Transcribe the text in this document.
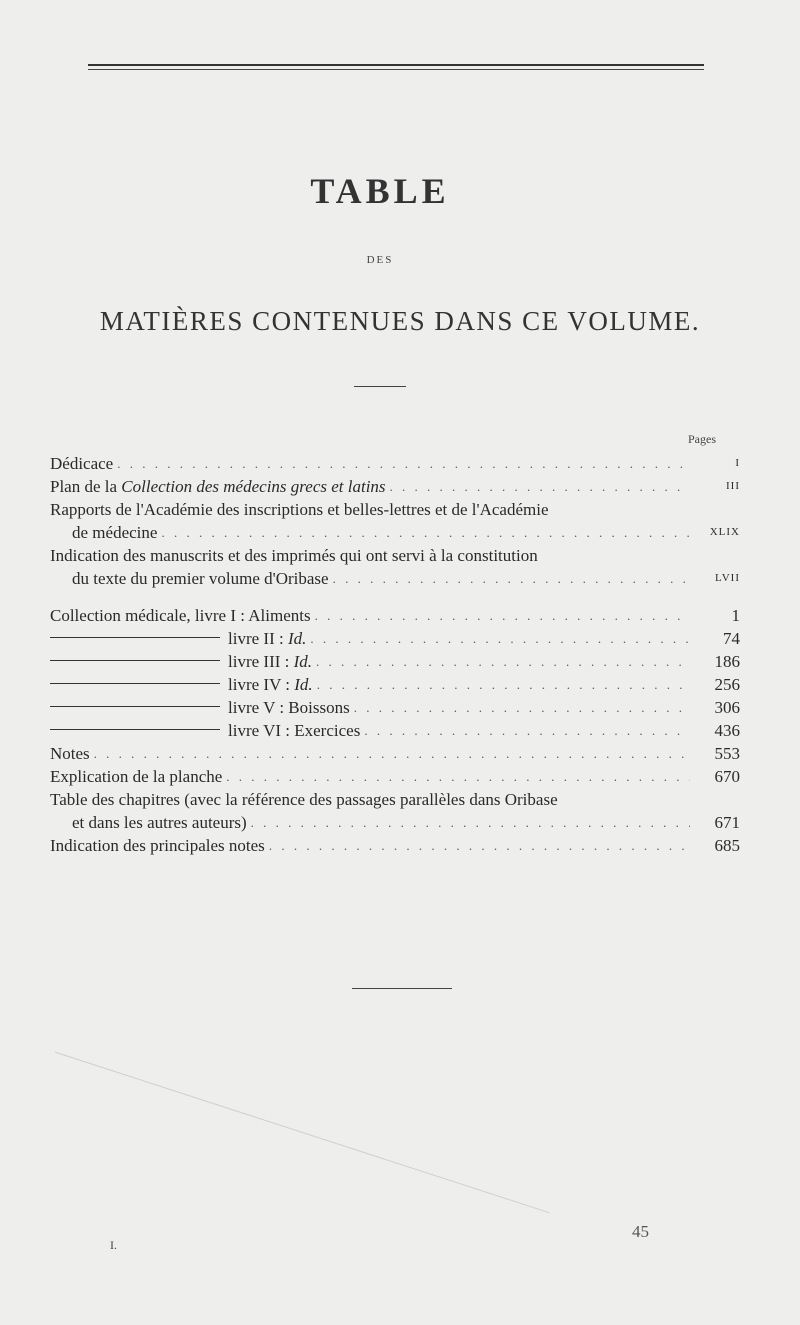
TABLE
DES
MATIÈRES CONTENUES DANS CE VOLUME.
Pages
Dédicace . . .	I
Plan de la Collection des médecins grecs et latins . . .	III
Rapports de l'Académie des inscriptions et belles-lettres et de l'Académie
de médecine . . .	XLIX
Indication des manuscrits et des imprimés qui ont servi à la constitution
du texte du premier volume d'Oribase . . .	LVII
Collection médicale, livre I : Aliments . . .	1
livre II : Id. . . .	74
livre III : Id. . . .	186
livre IV : Id. . . .	256
livre V : Boissons . . .	306
livre VI : Exercices . . .	436
Notes . . .	553
Explication de la planche . . .	670
Table des chapitres (avec la référence des passages parallèles dans Oribase
et dans les autres auteurs) . . .	671
Indication des principales notes . . .	685
I.
45
